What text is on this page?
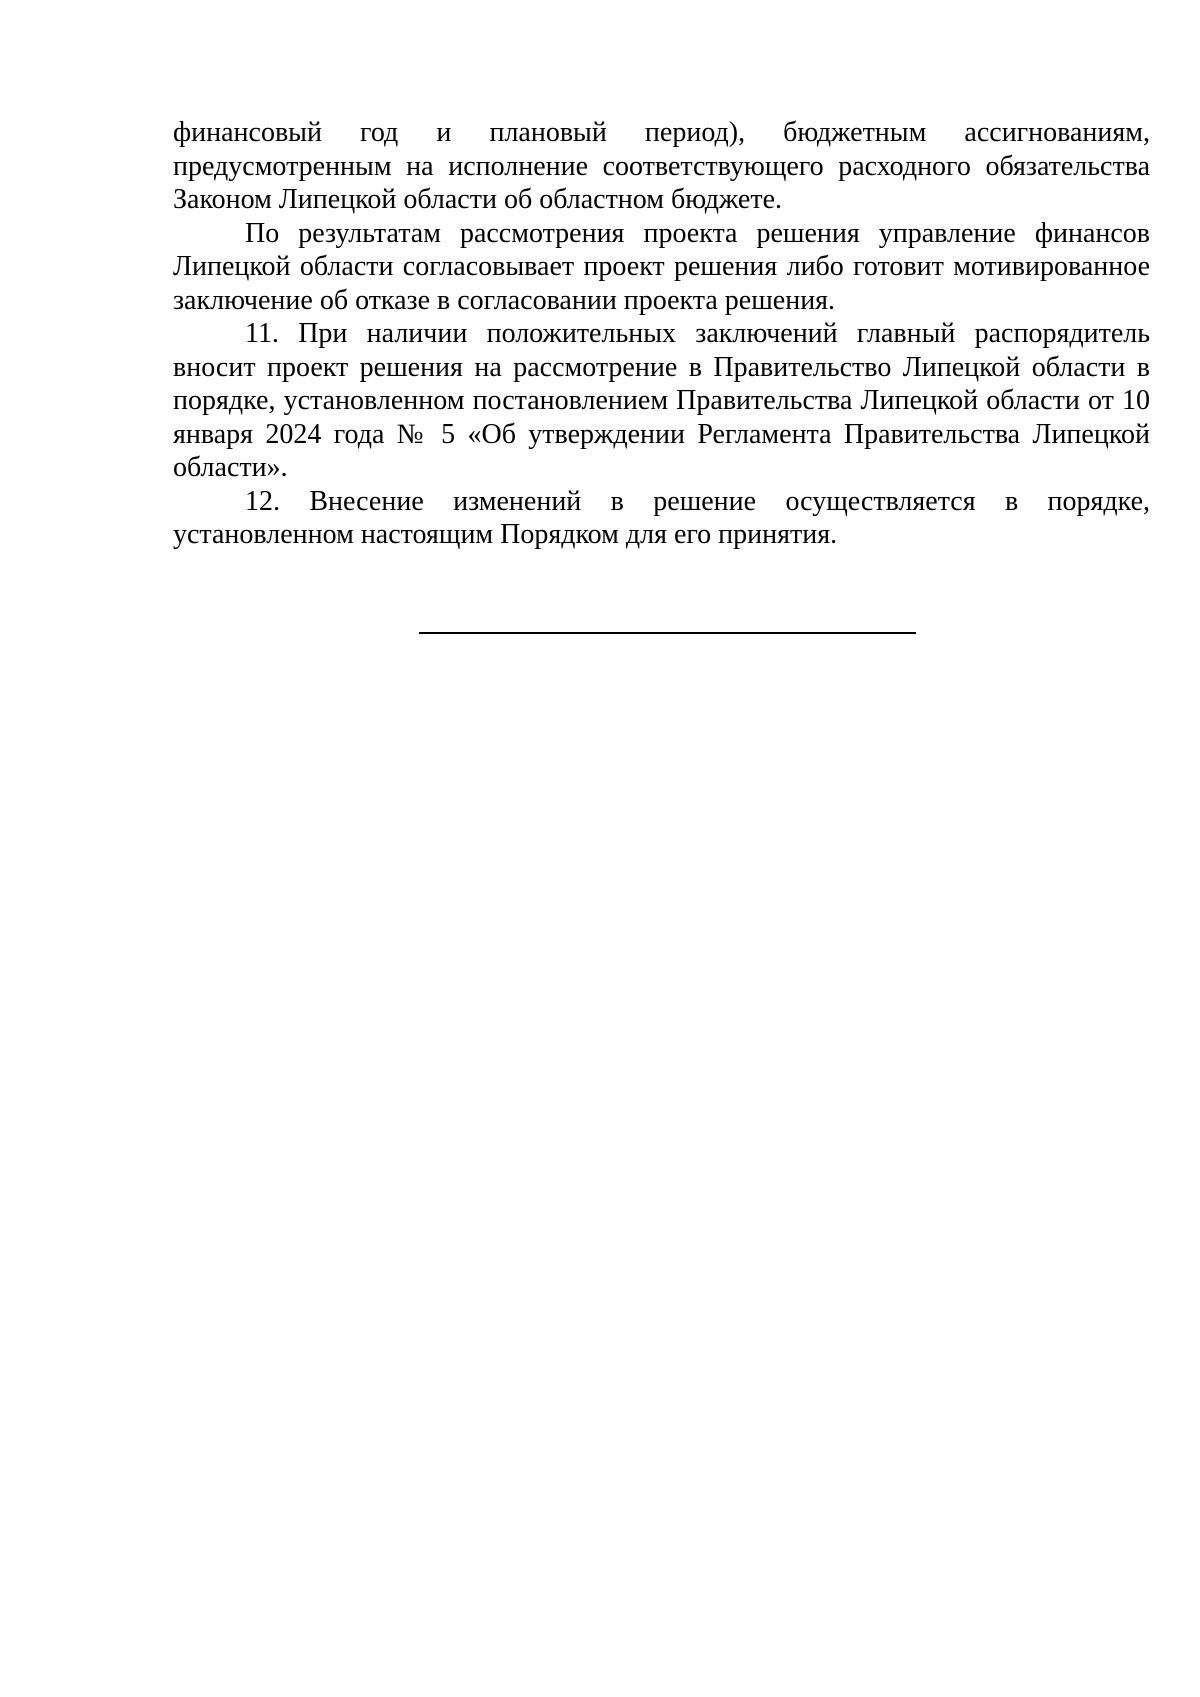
финансовый год и плановый период), бюджетным ассигнованиям, предусмотренным на исполнение соответствующего расходного обязательства Законом Липецкой области об областном бюджете.

По результатам рассмотрения проекта решения управление финансов Липецкой области согласовывает проект решения либо готовит мотивированное заключение об отказе в согласовании проекта решения.

11. При наличии положительных заключений главный распорядитель вносит проект решения на рассмотрение в Правительство Липецкой области в порядке, установленном постановлением Правительства Липецкой области от 10 января 2024 года № 5 «Об утверждении Регламента Правительства Липецкой области».

12. Внесение изменений в решение осуществляется в порядке, установленном настоящим Порядком для его принятия.
